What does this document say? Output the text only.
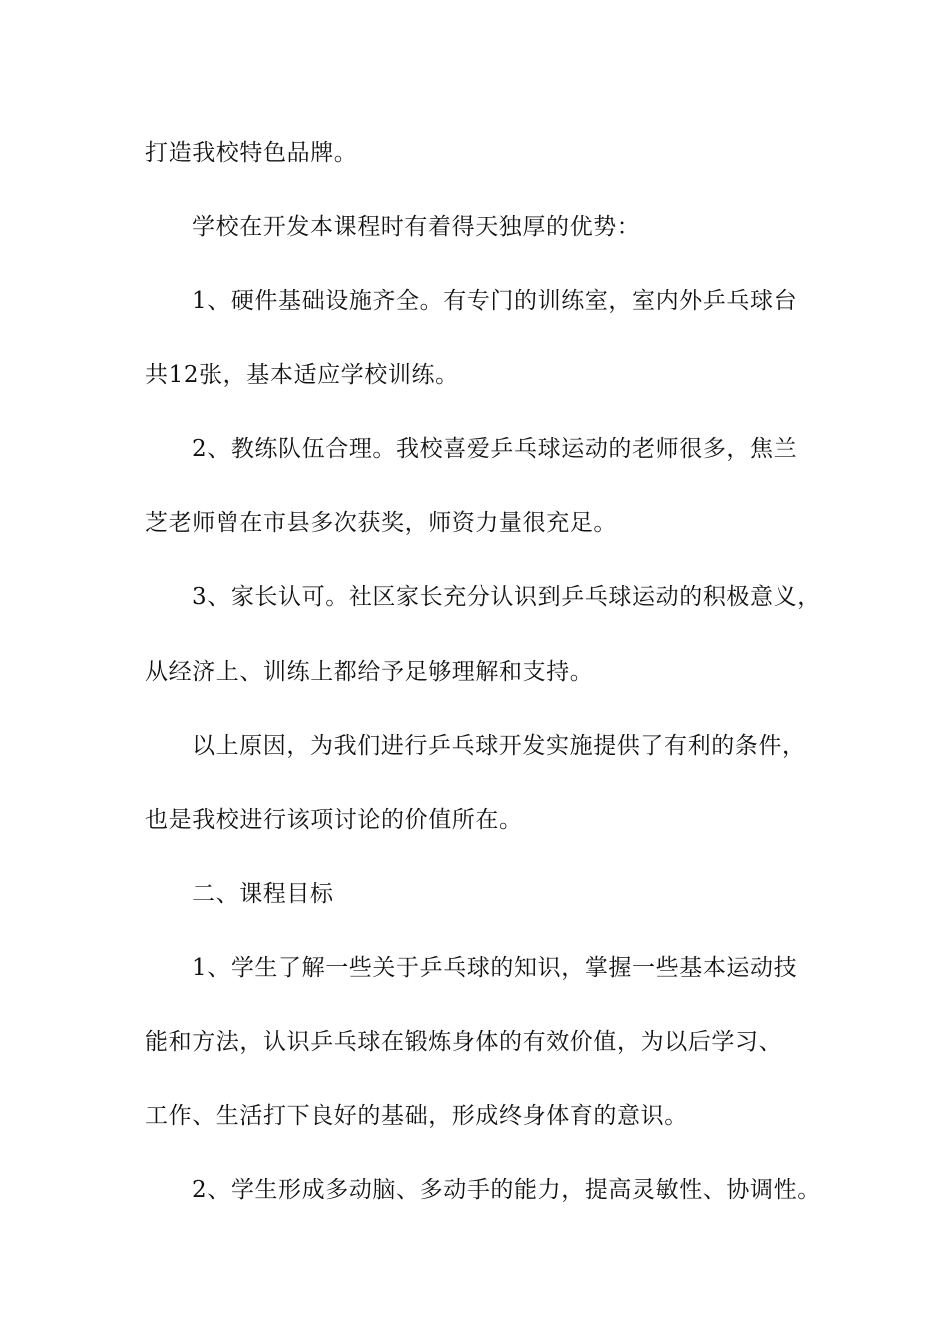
打造我校特色品牌。
学校在开发本课程时有着得天独厚的优势：
1、硬件基础设施齐全。有专门的训练室，室内外乒乓球台
共12张，基本适应学校训练。
2、教练队伍合理。我校喜爱乒乓球运动的老师很多，焦兰
芝老师曾在市县多次获奖，师资力量很充足。
3、家长认可。社区家长充分认识到乒乓球运动的积极意义，
从经济上、训练上都给予足够理解和支持。
以上原因，为我们进行乒乓球开发实施提供了有利的条件，
也是我校进行该项讨论的价值所在。
二、课程目标
1、学生了解一些关于乒乓球的知识，掌握一些基本运动技
能和方法，认识乒乓球在锻炼身体的有效价值，为以后学习、
工作、生活打下良好的基础，形成终身体育的意识。
2、学生形成多动脑、多动手的能力，提高灵敏性、协调性。
